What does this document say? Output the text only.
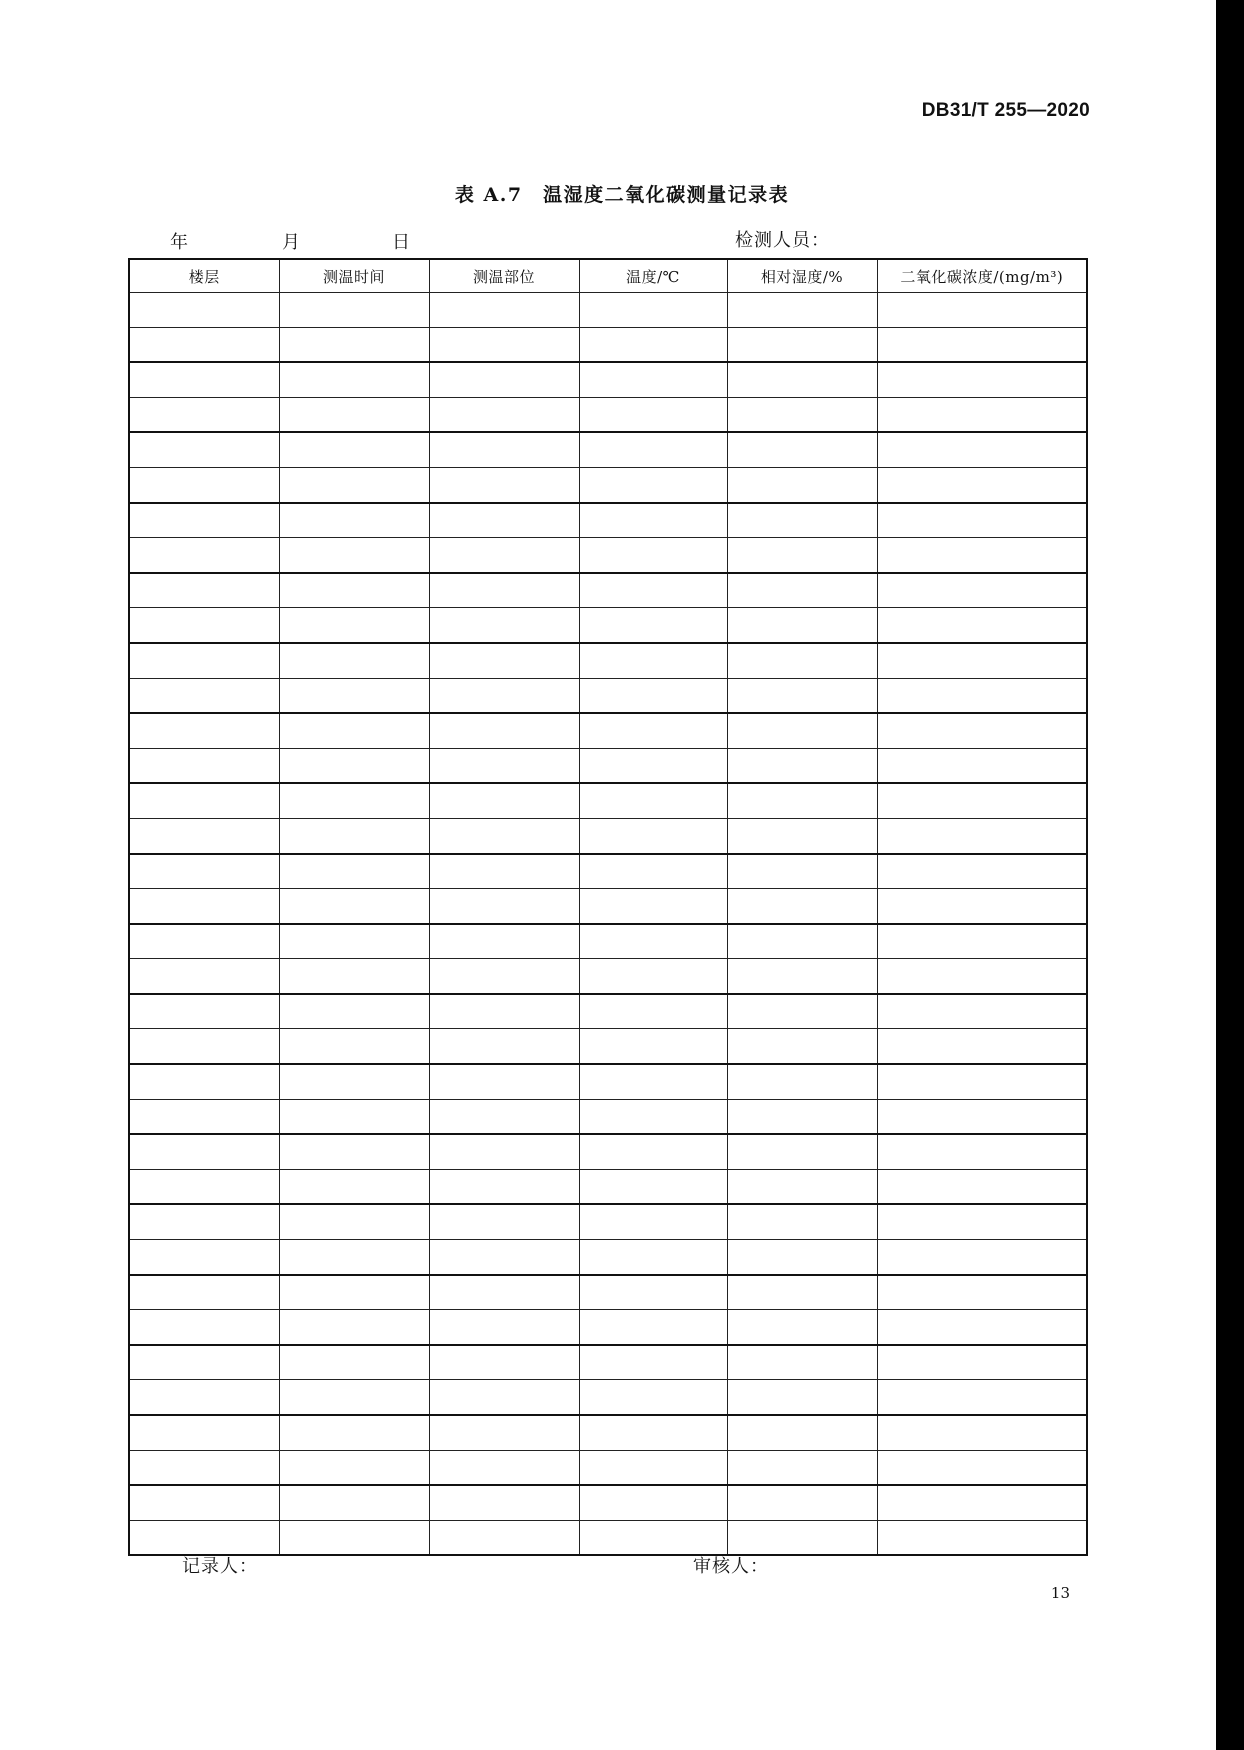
DB31/T 255—2020
表 A.7　温湿度二氧化碳测量记录表
年	月	日	检测人员：
楼层	测温时间	测温部位	温度/℃	相对湿度/%	二氧化碳浓度/(mg/m³)

记录人：	审核人：
13
